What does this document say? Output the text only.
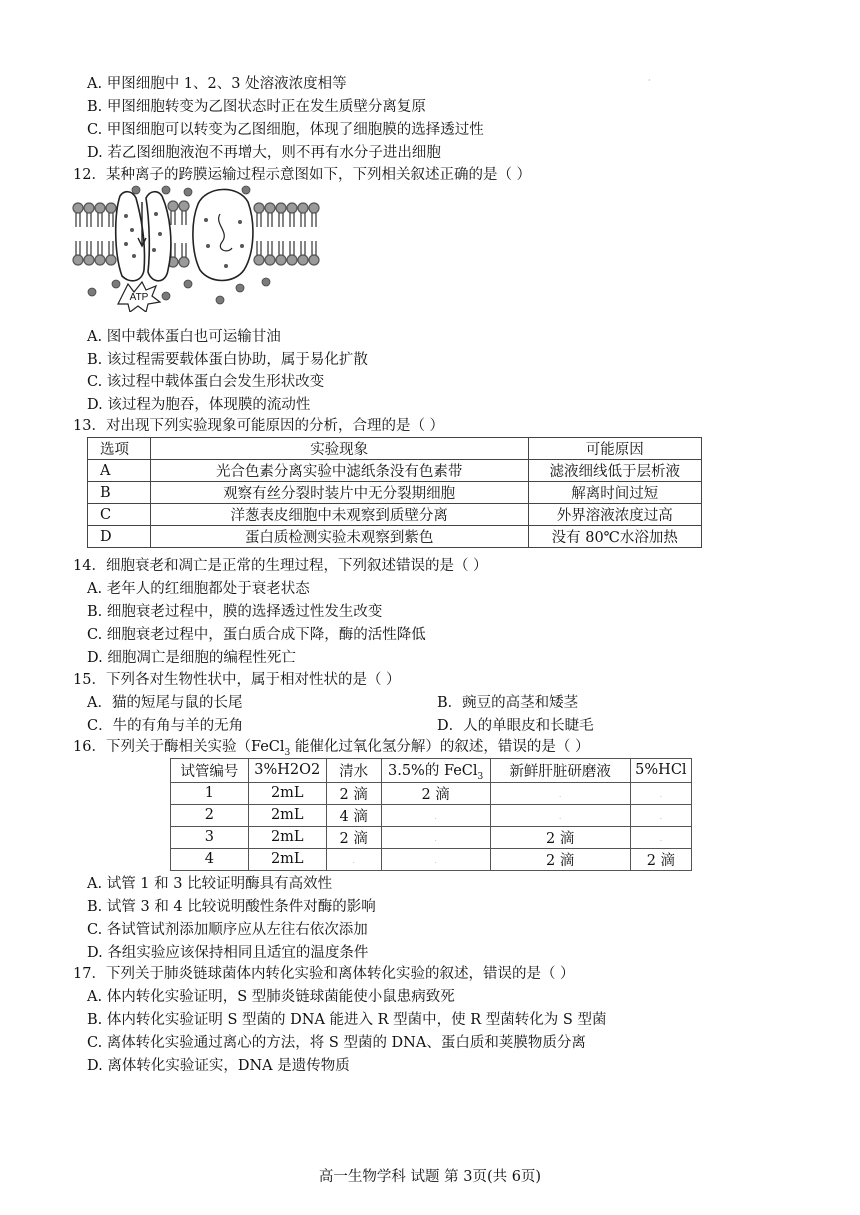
A. 甲图细胞中 1、2、3 处溶液浓度相等	·
B. 甲图细胞转变为乙图状态时正在发生质壁分离复原
C. 甲图细胞可以转变为乙图细胞，体现了细胞膜的选择透过性
D. 若乙图细胞液泡不再增大，则不再有水分子进出细胞
12．某种离子的跨膜运输过程示意图如下，下列相关叙述正确的是（ ）
ATP
A. 图中载体蛋白也可运输甘油
B. 该过程需要载体蛋白协助，属于易化扩散
C. 该过程中载体蛋白会发生形状改变
D. 该过程为胞吞，体现膜的流动性
13．对出现下列实验现象可能原因的分析，合理的是（ ）
选项	实验现象	可能原因
A	光合色素分离实验中滤纸条没有色素带	滤液细线低于层析液
B	观察有丝分裂时装片中无分裂期细胞	解离时间过短
C	洋葱表皮细胞中未观察到质壁分离	外界溶液浓度过高
D	蛋白质检测实验未观察到紫色	没有 80℃水浴加热
14．细胞衰老和凋亡是正常的生理过程，下列叙述错误的是（ ）
A. 老年人的红细胞都处于衰老状态
B. 细胞衰老过程中，膜的选择透过性发生改变
C. 细胞衰老过程中，蛋白质合成下降，酶的活性降低
D. 细胞凋亡是细胞的编程性死亡
15．下列各对生物性状中，属于相对性状的是（ ）
A．猫的短尾与鼠的长尾	B．豌豆的高茎和矮茎
C．牛的有角与羊的无角	D．人的单眼皮和长睫毛
16．下列关于酶相关实验（FeCl$_3$ 能催化过氧化氢分解）的叙述，错误的是（ ）
试管编号	3%H2O2	清水	3.5%的 FeCl$_3$	新鲜肝脏研磨液	5%HCl
1	2mL	2 滴	2 滴	.	.
2	2mL	4 滴	.	.	.
3	2mL	2 滴	.	2 滴	.
4	2mL	.	.	2 滴	2 滴
A. 试管 1 和 3 比较证明酶具有高效性
B. 试管 3 和 4 比较说明酸性条件对酶的影响
C. 各试管试剂添加顺序应从左往右依次添加
D. 各组实验应该保持相同且适宜的温度条件
17．下列关于肺炎链球菌体内转化实验和离体转化实验的叙述，错误的是（ ）
A. 体内转化实验证明，S 型肺炎链球菌能使小鼠患病致死
B. 体内转化实验证明 S 型菌的 DNA 能进入 R 型菌中，使 R 型菌转化为 S 型菌
C. 离体转化实验通过离心的方法，将 S 型菌的 DNA、蛋白质和荚膜物质分离
D. 离体转化实验证实，DNA 是遗传物质
高一生物学科 试题 第 3页(共 6页)
